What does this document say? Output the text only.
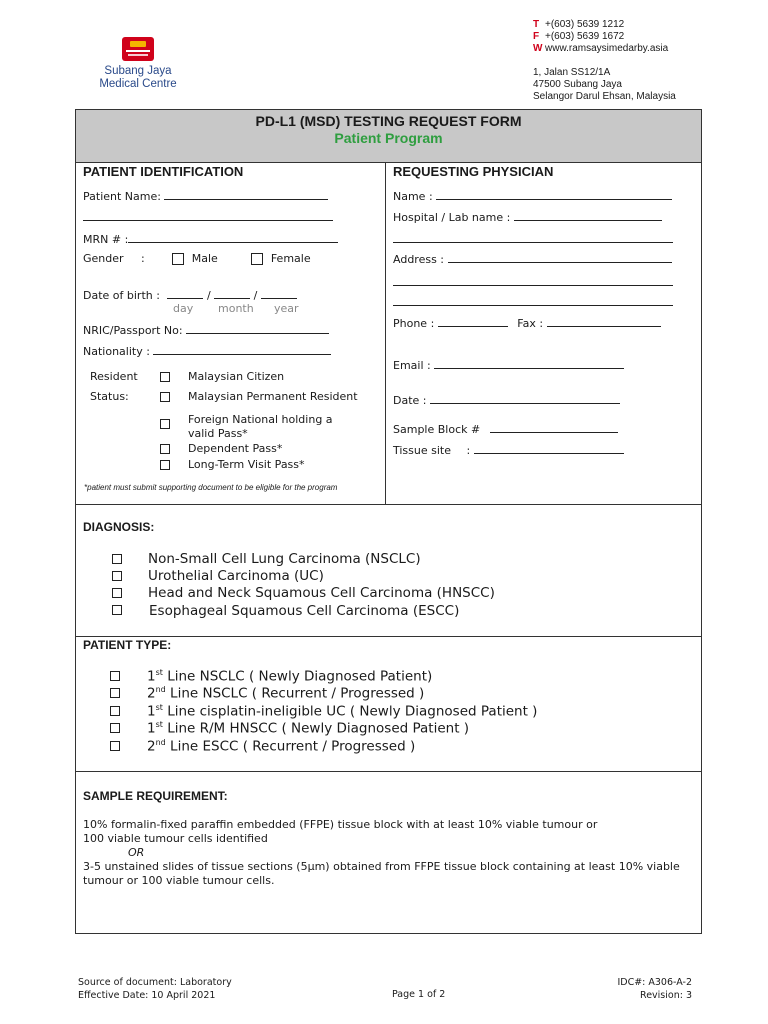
Subang Jaya
Medical Centre
T +(603) 5639 1212
F +(603) 5639 1672
W www.ramsaysimedarby.asia
1, Jalan SS12/1A
47500 Subang Jaya
Selangor Darul Ehsan, Malaysia
PD-L1 (MSD) TESTING REQUEST FORM
Patient Program
PATIENT IDENTIFICATION
Patient Name:
MRN # :
Gender :	Male	Female
Date of birth :	/	/
day month year
NRIC/Passport No:
Nationality :
Resident
Status:
Malaysian Citizen
Malaysian Permanent Resident
Foreign National holding a
valid Pass*
Dependent Pass*
Long-Term Visit Pass*
*patient must submit supporting document to be eligible for the program
REQUESTING PHYSICIAN
Name :
Hospital / Lab name :
Address :
Phone :	Fax :
Email :
Date :
Sample Block #
Tissue site :
DIAGNOSIS:
Non-Small Cell Lung Carcinoma (NSCLC)
Urothelial Carcinoma (UC)
Head and Neck Squamous Cell Carcinoma (HNSCC)
Esophageal Squamous Cell Carcinoma (ESCC)
PATIENT TYPE:
1st Line NSCLC ( Newly Diagnosed Patient)
2nd Line NSCLC ( Recurrent / Progressed )
1st Line cisplatin-ineligible UC ( Newly Diagnosed Patient )
1st Line R/M HNSCC ( Newly Diagnosed Patient )
2nd Line ESCC ( Recurrent / Progressed )
SAMPLE REQUIREMENT:
10% formalin-fixed paraffin embedded (FFPE) tissue block with at least 10% viable tumour or
100 viable tumour cells identified
OR
3-5 unstained slides of tissue sections (5µm) obtained from FFPE tissue block containing at least 10% viable
tumour or 100 viable tumour cells.
Source of document: Laboratory
Effective Date: 10 April 2021	Page 1 of 2
IDC#: A306-A-2
Revision: 3
